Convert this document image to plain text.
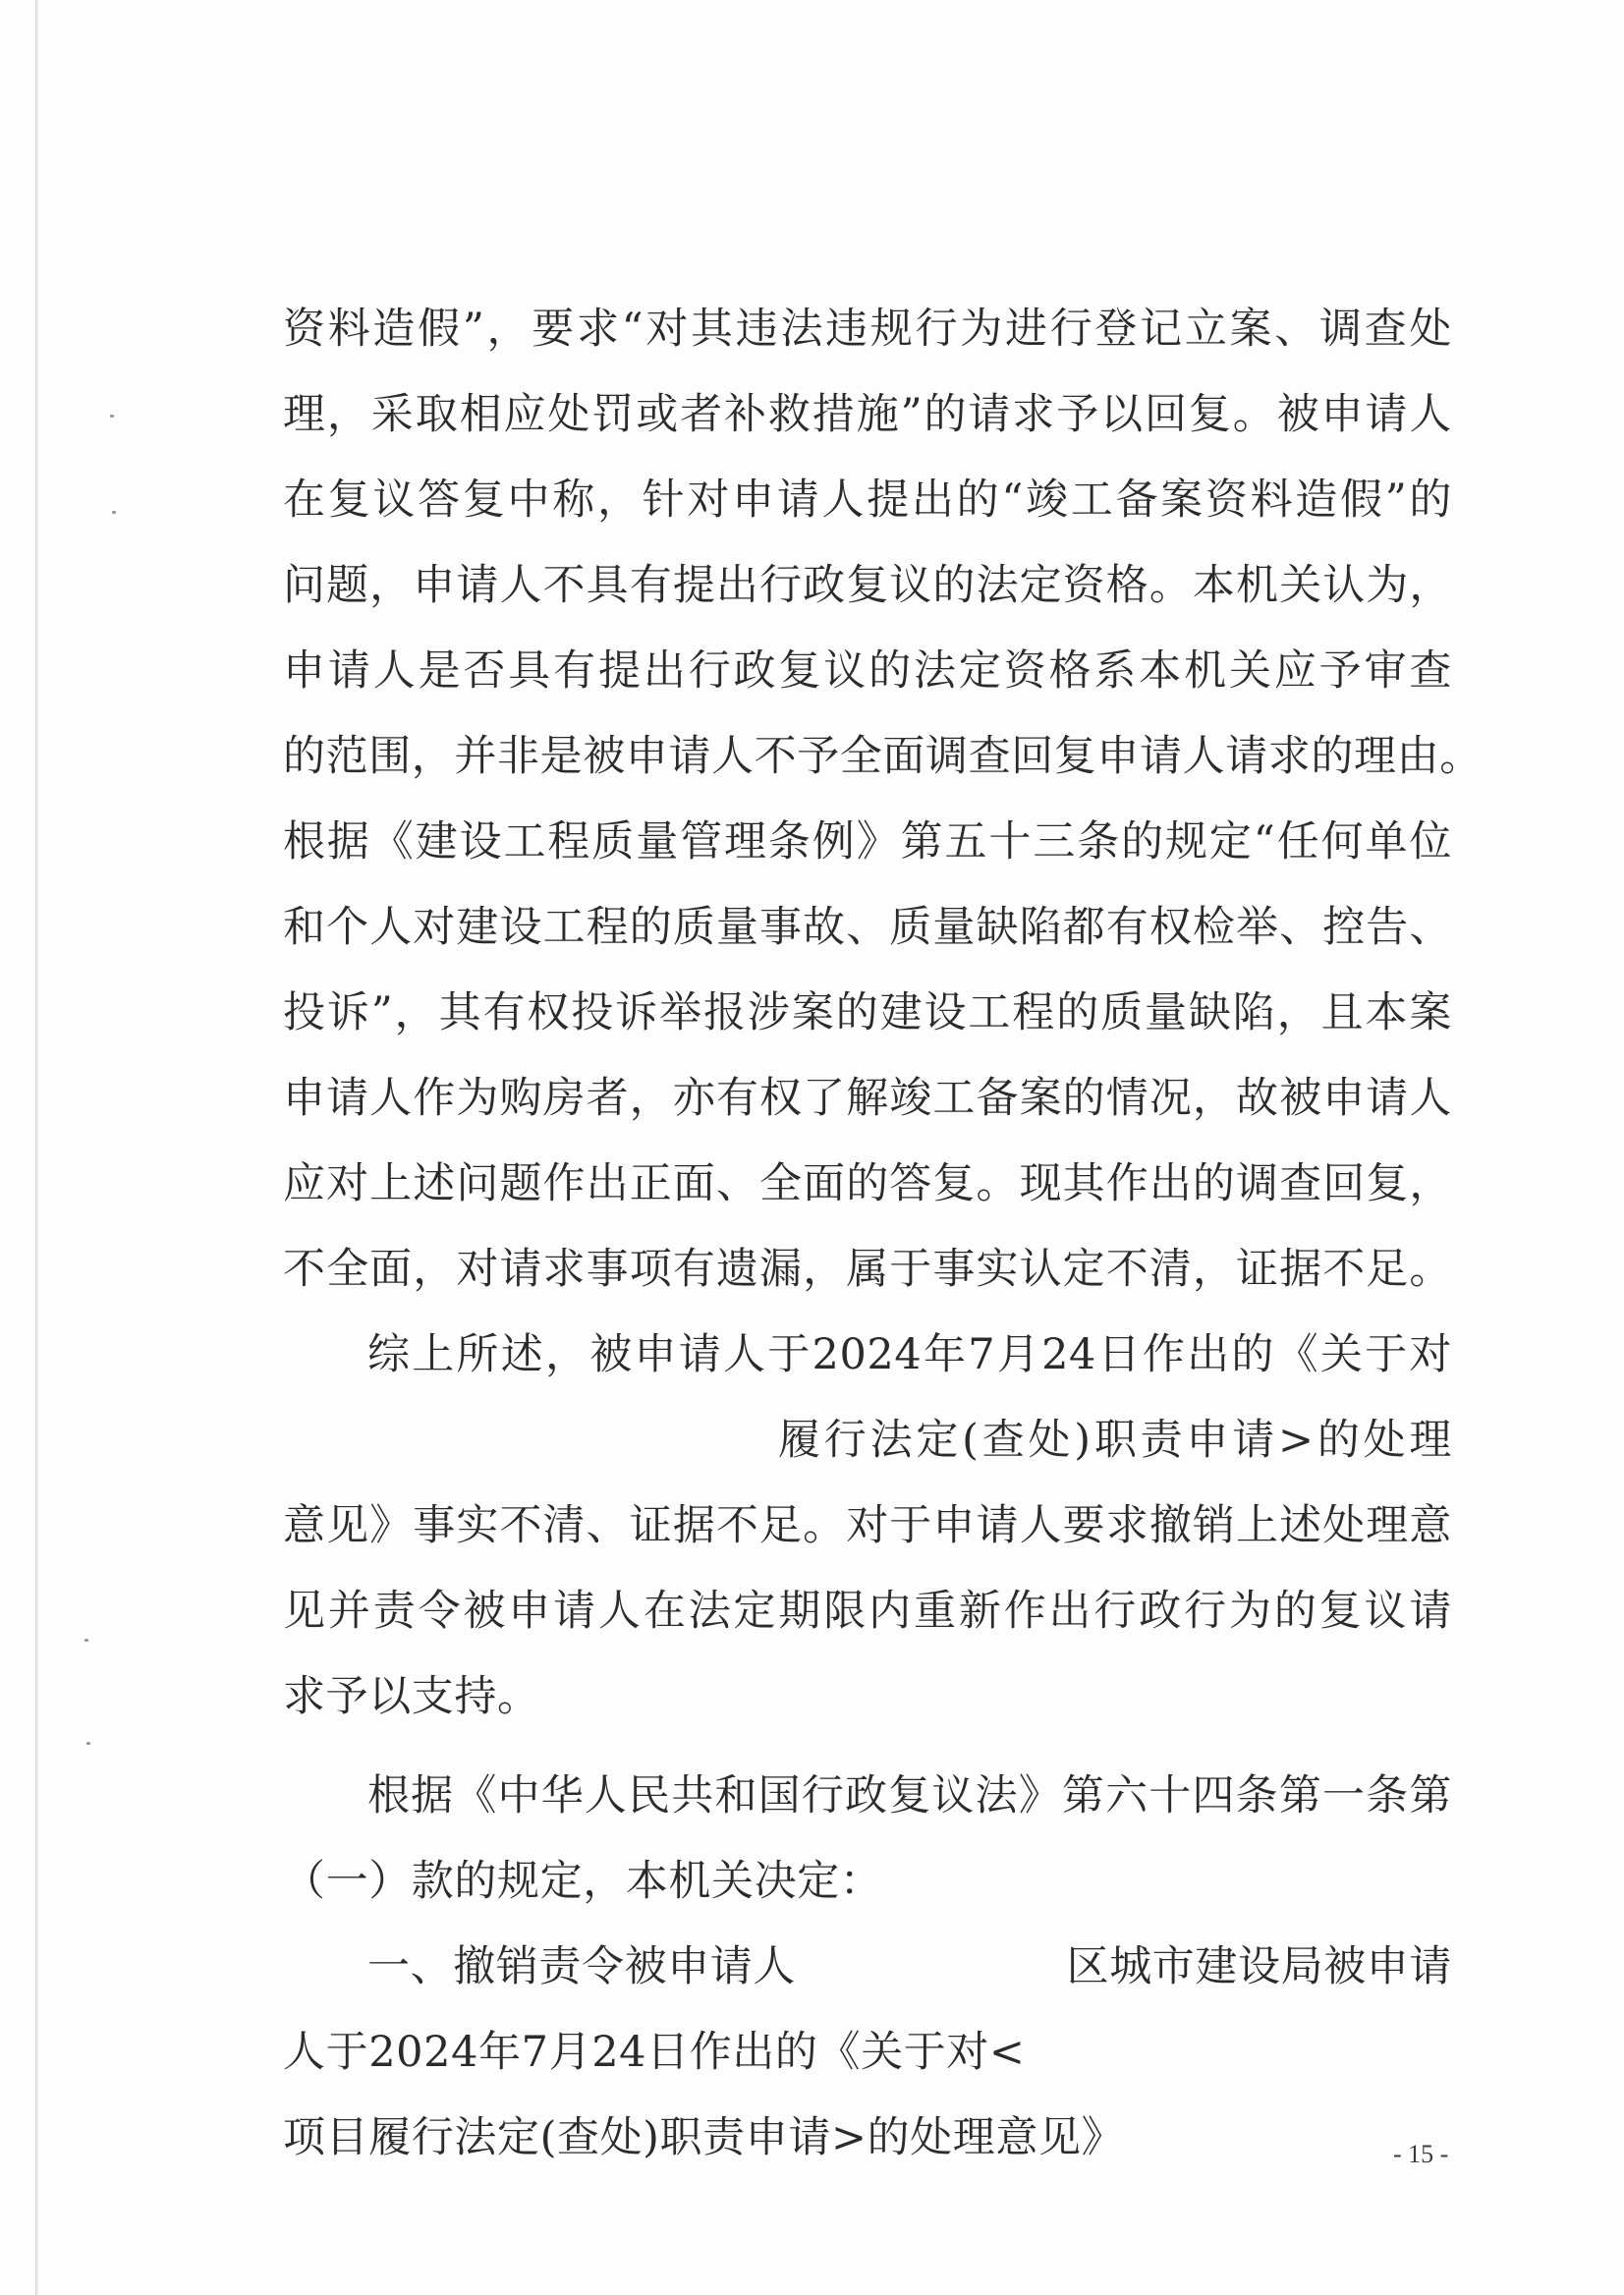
资料造假”，要求“对其违法违规行为进行登记立案、调查处
理，采取相应处罚或者补救措施”的请求予以回复。被申请人
在复议答复中称，针对申请人提出的“竣工备案资料造假”的
问题，申请人不具有提出行政复议的法定资格。本机关认为，
申请人是否具有提出行政复议的法定资格系本机关应予审查
的范围，并非是被申请人不予全面调查回复申请人请求的理由。
根据《建设工程质量管理条例》第五十三条的规定“任何单位
和个人对建设工程的质量事故、质量缺陷都有权检举、控告、
投诉”，其有权投诉举报涉案的建设工程的质量缺陷，且本案
申请人作为购房者，亦有权了解竣工备案的情况，故被申请人
应对上述问题作出正面、全面的答复。现其作出的调查回复，
不全面，对请求事项有遗漏，属于事实认定不清，证据不足。
综上所述，被申请人于2024年7月24日作出的《关于对
履行法定(查处)职责申请>的处理
意见》事实不清、证据不足。对于申请人要求撤销上述处理意
见并责令被申请人在法定期限内重新作出行政行为的复议请
求予以支持。
根据《中华人民共和国行政复议法》第六十四条第一条第
（一）款的规定，本机关决定：
一、撤销责令被申请人	区城市建设局被申请
人于2024年7月24日作出的《关于对<
项目履行法定(查处)职责申请>的处理意见》	- 15 -
